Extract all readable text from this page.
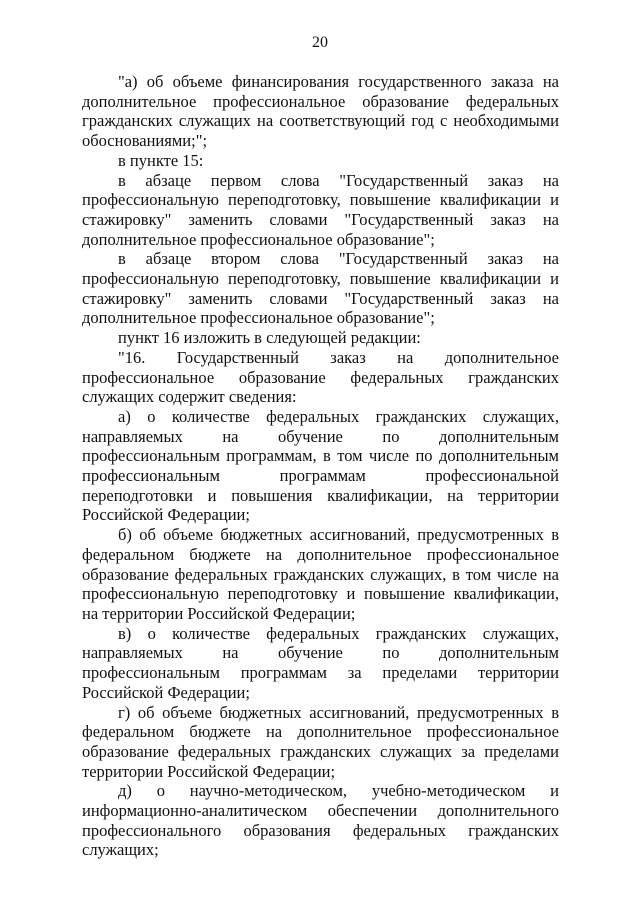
20

"а) об объеме финансирования государственного заказа на дополнительное профессиональное образование федеральных гражданских служащих на соответствующий год с необходимыми обоснованиями;";

в пункте 15:

в абзаце первом слова "Государственный заказ на профессиональную переподготовку, повышение квалификации и стажировку" заменить словами "Государственный заказ на дополнительное профессиональное образование";

в абзаце втором слова "Государственный заказ на профессиональную переподготовку, повышение квалификации и стажировку" заменить словами "Государственный заказ на дополнительное профессиональное образование";

пункт 16 изложить в следующей редакции:

"16. Государственный заказ на дополнительное профессиональное образование федеральных гражданских служащих содержит сведения:

а) о количестве федеральных гражданских служащих, направляемых на обучение по дополнительным профессиональным программам, в том числе по дополнительным профессиональным программам профессиональной переподготовки и повышения квалификации, на территории Российской Федерации;

б) об объеме бюджетных ассигнований, предусмотренных в федеральном бюджете на дополнительное профессиональное образование федеральных гражданских служащих, в том числе на профессиональную переподготовку и повышение квалификации, на территории Российской Федерации;

в) о количестве федеральных гражданских служащих, направляемых на обучение по дополнительным профессиональным программам за пределами территории Российской Федерации;

г) об объеме бюджетных ассигнований, предусмотренных в федеральном бюджете на дополнительное профессиональное образование федеральных гражданских служащих за пределами территории Российской Федерации;

д) о научно-методическом, учебно-методическом и информационно-аналитическом обеспечении дополнительного профессионального образования федеральных гражданских служащих;
